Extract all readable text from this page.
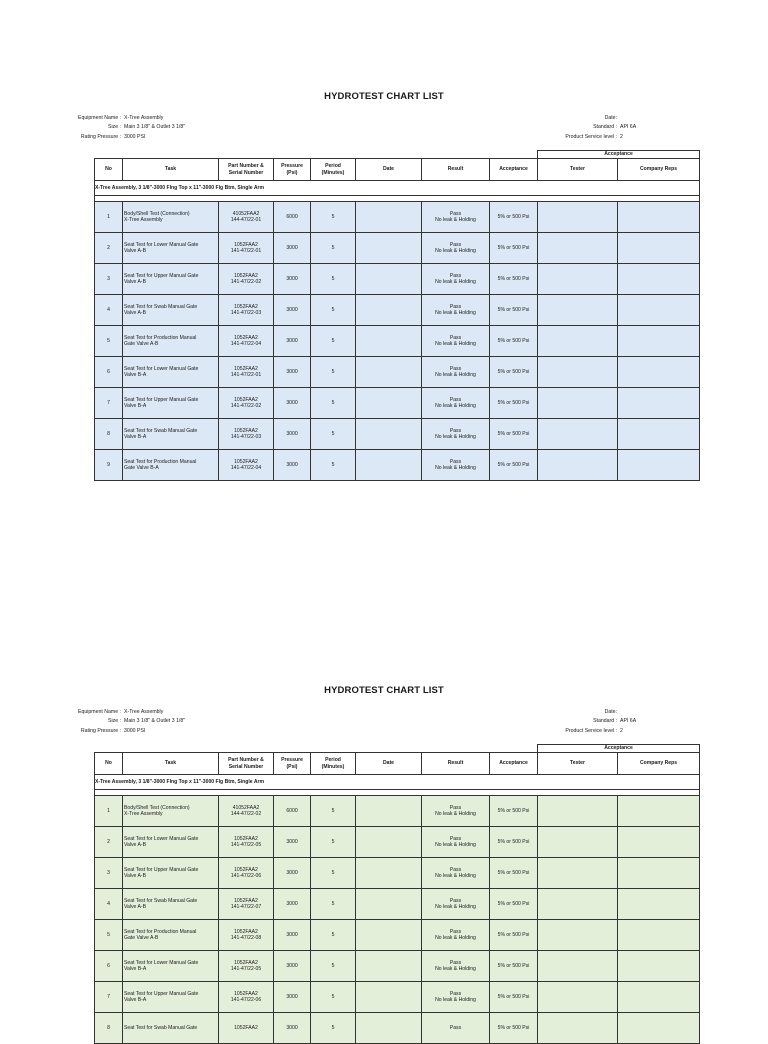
HYDROTEST CHART LIST
Equipment Name : X-Tree Assembly
Size : Main 3 1/8" & Outlet 3 1/8"
Rating Pressure : 3000 PSI
Date:
Standard : API 6A
Product Service level : 2
								Acceptance	
No	Task	Part Number &
Serial Number	Pressure
(Psi)	Period
(Minutes)	Date	Result	Acceptance	Tester	Company Reps
X-Tree Assembly, 3 1/8"-3000 Flng Top x 11"-3000 Flg Btm, Single Arm									

1	Body/Shell Test (Connection)
X-Tree Assembly	41052FAA2
144-47/22-01	6000	5		Pass
No leak & Holding	5% or 500 Psi		
2	Seat Test for Lower Manual Gate
Valve A-B	1052FAA2
141-47/22-01	3000	5		Pass
No leak & Holding	5% or 500 Psi		
3	Seat Test for Upper Manual Gate
Valve A-B	1052FAA2
141-47/22-02	3000	5		Pass
No leak & Holding	5% or 500 Psi		
4	Seat Test for Swab Manual Gate
Valve A-B	1052FAA2
141-47/22-03	3000	5		Pass
No leak & Holding	5% or 500 Psi		
5	Seat Test for Production Manual
Gate Valve A-B	1052FAA2
141-47/22-04	3000	5		Pass
No leak & Holding	5% or 500 Psi		
6	Seat Test for Lower Manual Gate
Valve B-A	1052FAA2
141-47/22-01	3000	5		Pass
No leak & Holding	5% or 500 Psi		
7	Seat Test for Upper Manual Gate
Valve B-A	1052FAA2
141-47/22-02	3000	5		Pass
No leak & Holding	5% or 500 Psi		
8	Seat Test for Swab Manual Gate
Valve B-A	1052FAA2
141-47/22-03	3000	5		Pass
No leak & Holding	5% or 500 Psi		
9	Seat Test for Production Manual
Gate Valve B-A	1052FAA2
141-47/22-04	3000	5		Pass
No leak & Holding	5% or 500 Psi		
HYDROTEST CHART LIST
Equipment Name : X-Tree Assembly
Size : Main 3 1/8" & Outlet 3 1/8"
Rating Pressure : 3000 PSI
Date:
Standard : API 6A
Product Service level : 2
								Acceptance	
No	Task	Part Number &
Serial Number	Pressure
(Psi)	Period
(Minutes)	Date	Result	Acceptance	Tester	Company Reps
X-Tree Assembly, 3 1/8"-3000 Flng Top x 11"-3000 Flg Btm, Single Arm									

1	Body/Shell Test (Connection)
X-Tree Assembly	41052FAA2
144-47/22-02	6000	5		Pass
No leak & Holding	5% or 500 Psi		
2	Seat Test for Lower Manual Gate
Valve A-B	1052FAA2
141-47/22-05	3000	5		Pass
No leak & Holding	5% or 500 Psi		
3	Seat Test for Upper Manual Gate
Valve A-B	1052FAA2
141-47/22-06	3000	5		Pass
No leak & Holding	5% or 500 Psi		
4	Seat Test for Swab Manual Gate
Valve A-B	1052FAA2
141-47/22-07	3000	5		Pass
No leak & Holding	5% or 500 Psi		
5	Seat Test for Production Manual
Gate Valve A-B	1052FAA2
141-47/22-08	3000	5		Pass
No leak & Holding	5% or 500 Psi		
6	Seat Test for Lower Manual Gate
Valve B-A	1052FAA2
141-47/22-05	3000	5		Pass
No leak & Holding	5% or 500 Psi		
7	Seat Test for Upper Manual Gate
Valve B-A	1052FAA2
141-47/22-06	3000	5		Pass
No leak & Holding	5% or 500 Psi		
8	Seat Test for Swab Manual Gate	1052FAA2	3000	5		Pass	5% or 500 Psi		
